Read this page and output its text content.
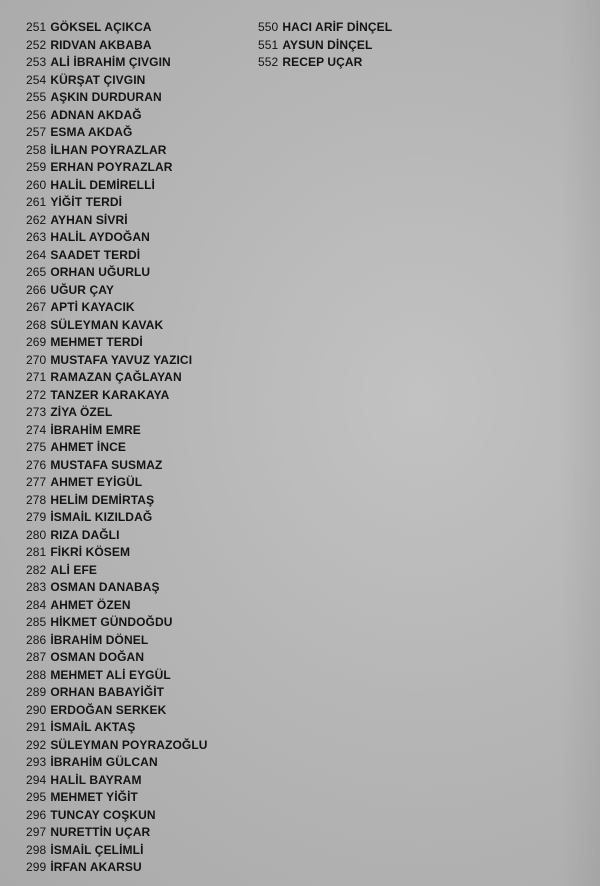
251 GÖKSEL AÇIKCA
252 RIDVAN AKBABA
253 ALİ İBRAHİM ÇIVGIN
254 KÜRŞAT ÇIVGIN
255 AŞKIN DURDURAN
256 ADNAN AKDAĞ
257 ESMA AKDAĞ
258 İLHAN POYRAZLAR
259 ERHAN POYRAZLAR
260 HALİL DEMİRELLİ
261 YİĞİT TERDİ
262 AYHAN SİVRİ
263 HALİL AYDOĞAN
264 SAADET TERDİ
265 ORHAN UĞURLU
266 UĞUR ÇAY
267 APTİ KAYACIK
268 SÜLEYMAN KAVAK
269 MEHMET TERDİ
270 MUSTAFA YAVUZ YAZICI
271 RAMAZAN ÇAĞLAYAN
272 TANZER KARAKAYA
273 ZİYA ÖZEL
274 İBRAHİM EMRE
275 AHMET İNCE
276 MUSTAFA SUSMAZ
277 AHMET EYİGÜL
278 HELİM DEMİRTAŞ
279 İSMAİL KIZILDAĞ
280 RIZA DAĞLI
281 FİKRİ KÖSEM
282 ALİ EFE
283 OSMAN DANABAŞ
284 AHMET ÖZEN
285 HİKMET GÜNDOĞDU
286 İBRAHİM DÖNEL
287 OSMAN DOĞAN
288 MEHMET ALİ EYGÜL
289 ORHAN BABAYİĞİT
290 ERDOĞAN SERKEK
291 İSMAİL AKTAŞ
292 SÜLEYMAN POYRAZOĞLU
293 İBRAHİM GÜLCAN
294 HALİL BAYRAM
295 MEHMET YİĞİT
296 TUNCAY COŞKUN
297 NURETTİN UÇAR
298 İSMAİL ÇELİMLİ
299 İRFAN AKARSU
550 HACI ARİF DİNÇEL
551 AYSUN DİNÇEL
552 RECEP UÇAR
